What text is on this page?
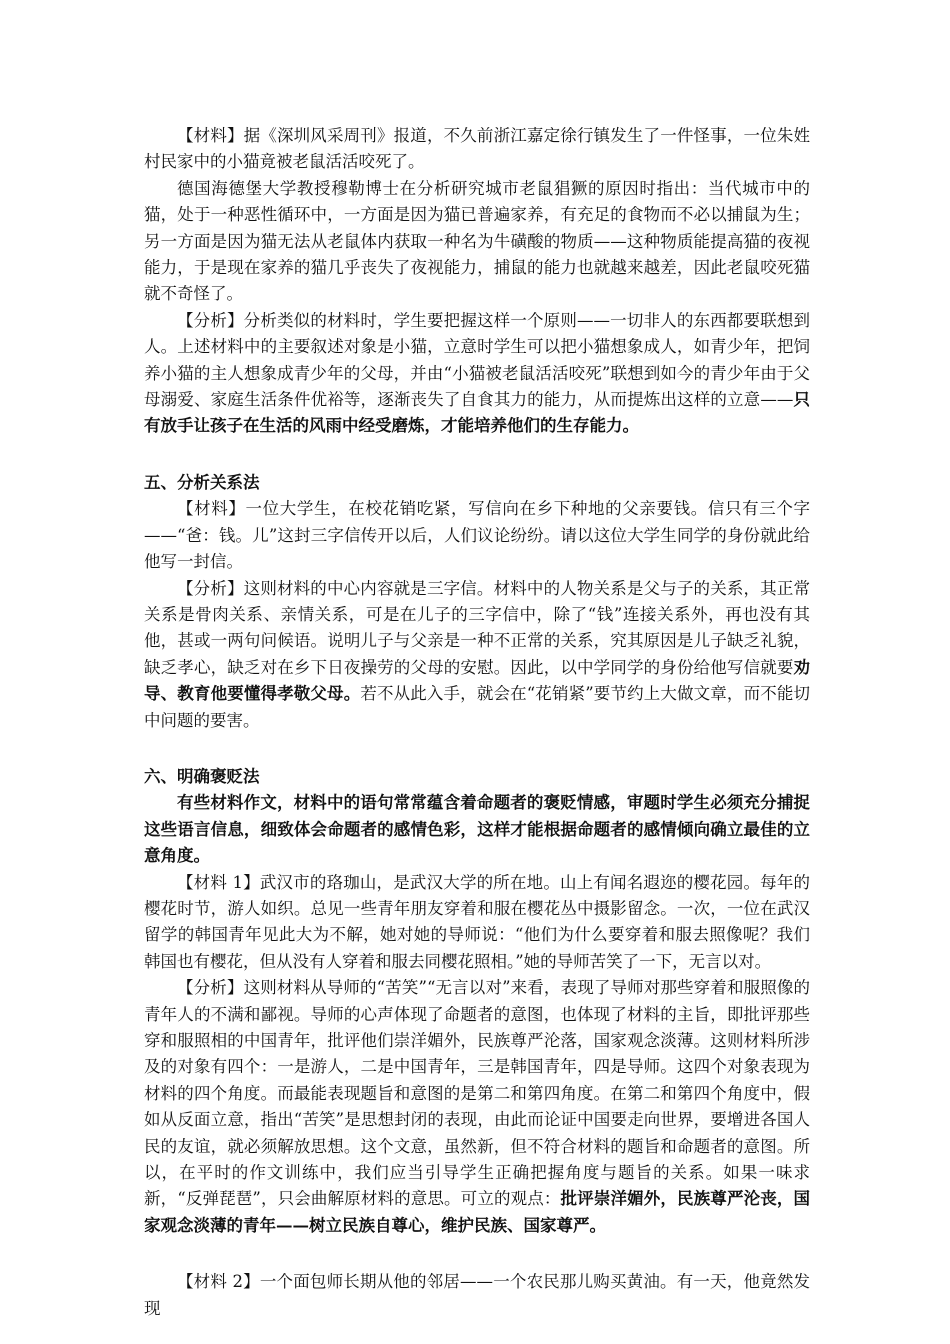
【材料】据《深圳风采周刊》报道，不久前浙江嘉定徐行镇发生了一件怪事，一位朱姓村民家中的小猫竟被老鼠活活咬死了。

德国海德堡大学教授穆勒博士在分析研究城市老鼠猖獗的原因时指出：当代城市中的猫，处于一种恶性循环中，一方面是因为猫已普遍家养，有充足的食物而不必以捕鼠为生；另一方面是因为猫无法从老鼠体内获取一种名为牛磺酸的物质——这种物质能提高猫的夜视能力，于是现在家养的猫几乎丧失了夜视能力，捕鼠的能力也就越来越差，因此老鼠咬死猫就不奇怪了。

【分析】分析类似的材料时，学生要把握这样一个原则——一切非人的东西都要联想到人。上述材料中的主要叙述对象是小猫，立意时学生可以把小猫想象成人，如青少年，把饲养小猫的主人想象成青少年的父母，并由“小猫被老鼠活活咬死”联想到如今的青少年由于父母溺爱、家庭生活条件优裕等，逐渐丧失了自食其力的能力，从而提炼出这样的立意——只有放手让孩子在生活的风雨中经受磨炼，才能培养他们的生存能力。

五、分析关系法

【材料】一位大学生，在校花销吃紧，写信向在乡下种地的父亲要钱。信只有三个字——“爸：钱。儿”这封三字信传开以后，人们议论纷纷。请以这位大学生同学的身份就此给他写一封信。

【分析】这则材料的中心内容就是三字信。材料中的人物关系是父与子的关系，其正常关系是骨肉关系、亲情关系，可是在儿子的三字信中，除了“钱”连接关系外，再也没有其他，甚或一两句问候语。说明儿子与父亲是一种不正常的关系，究其原因是儿子缺乏礼貌，缺乏孝心，缺乏对在乡下日夜操劳的父母的安慰。因此，以中学同学的身份给他写信就要劝导、教育他要懂得孝敬父母。若不从此入手，就会在“花销紧”要节约上大做文章，而不能切中问题的要害。

六、明确褒贬法

有些材料作文，材料中的语句常常蕴含着命题者的褒贬情感，审题时学生必须充分捕捉这些语言信息，细致体会命题者的感情色彩，这样才能根据命题者的感情倾向确立最佳的立意角度。

【材料 1】武汉市的珞珈山，是武汉大学的所在地。山上有闻名遐迩的樱花园。每年的樱花时节，游人如织。总见一些青年朋友穿着和服在樱花丛中摄影留念。一次，一位在武汉留学的韩国青年见此大为不解，她对她的导师说：“他们为什么要穿着和服去照像呢？我们韩国也有樱花，但从没有人穿着和服去同樱花照相。”她的导师苦笑了一下，无言以对。

【分析】这则材料从导师的“苦笑”“无言以对”来看，表现了导师对那些穿着和服照像的青年人的不满和鄙视。导师的心声体现了命题者的意图，也体现了材料的主旨，即批评那些穿和服照相的中国青年，批评他们崇洋媚外，民族尊严沦落，国家观念淡薄。这则材料所涉及的对象有四个：一是游人，二是中国青年，三是韩国青年，四是导师。这四个对象表现为材料的四个角度。而最能表现题旨和意图的是第二和第四角度。在第二和第四个角度中，假如从反面立意，指出“苦笑”是思想封闭的表现，由此而论证中国要走向世界，要增进各国人民的友谊，就必须解放思想。这个文意，虽然新，但不符合材料的题旨和命题者的意图。所以，在平时的作文训练中，我们应当引导学生正确把握角度与题旨的关系。如果一味求新，“反弹琵琶”，只会曲解原材料的意思。可立的观点：批评崇洋媚外，民族尊严沦丧，国家观念淡薄的青年——树立民族自尊心，维护民族、国家尊严。

【材料 2】一个面包师长期从他的邻居——一个农民那儿购买黄油。有一天，他竟然发现
